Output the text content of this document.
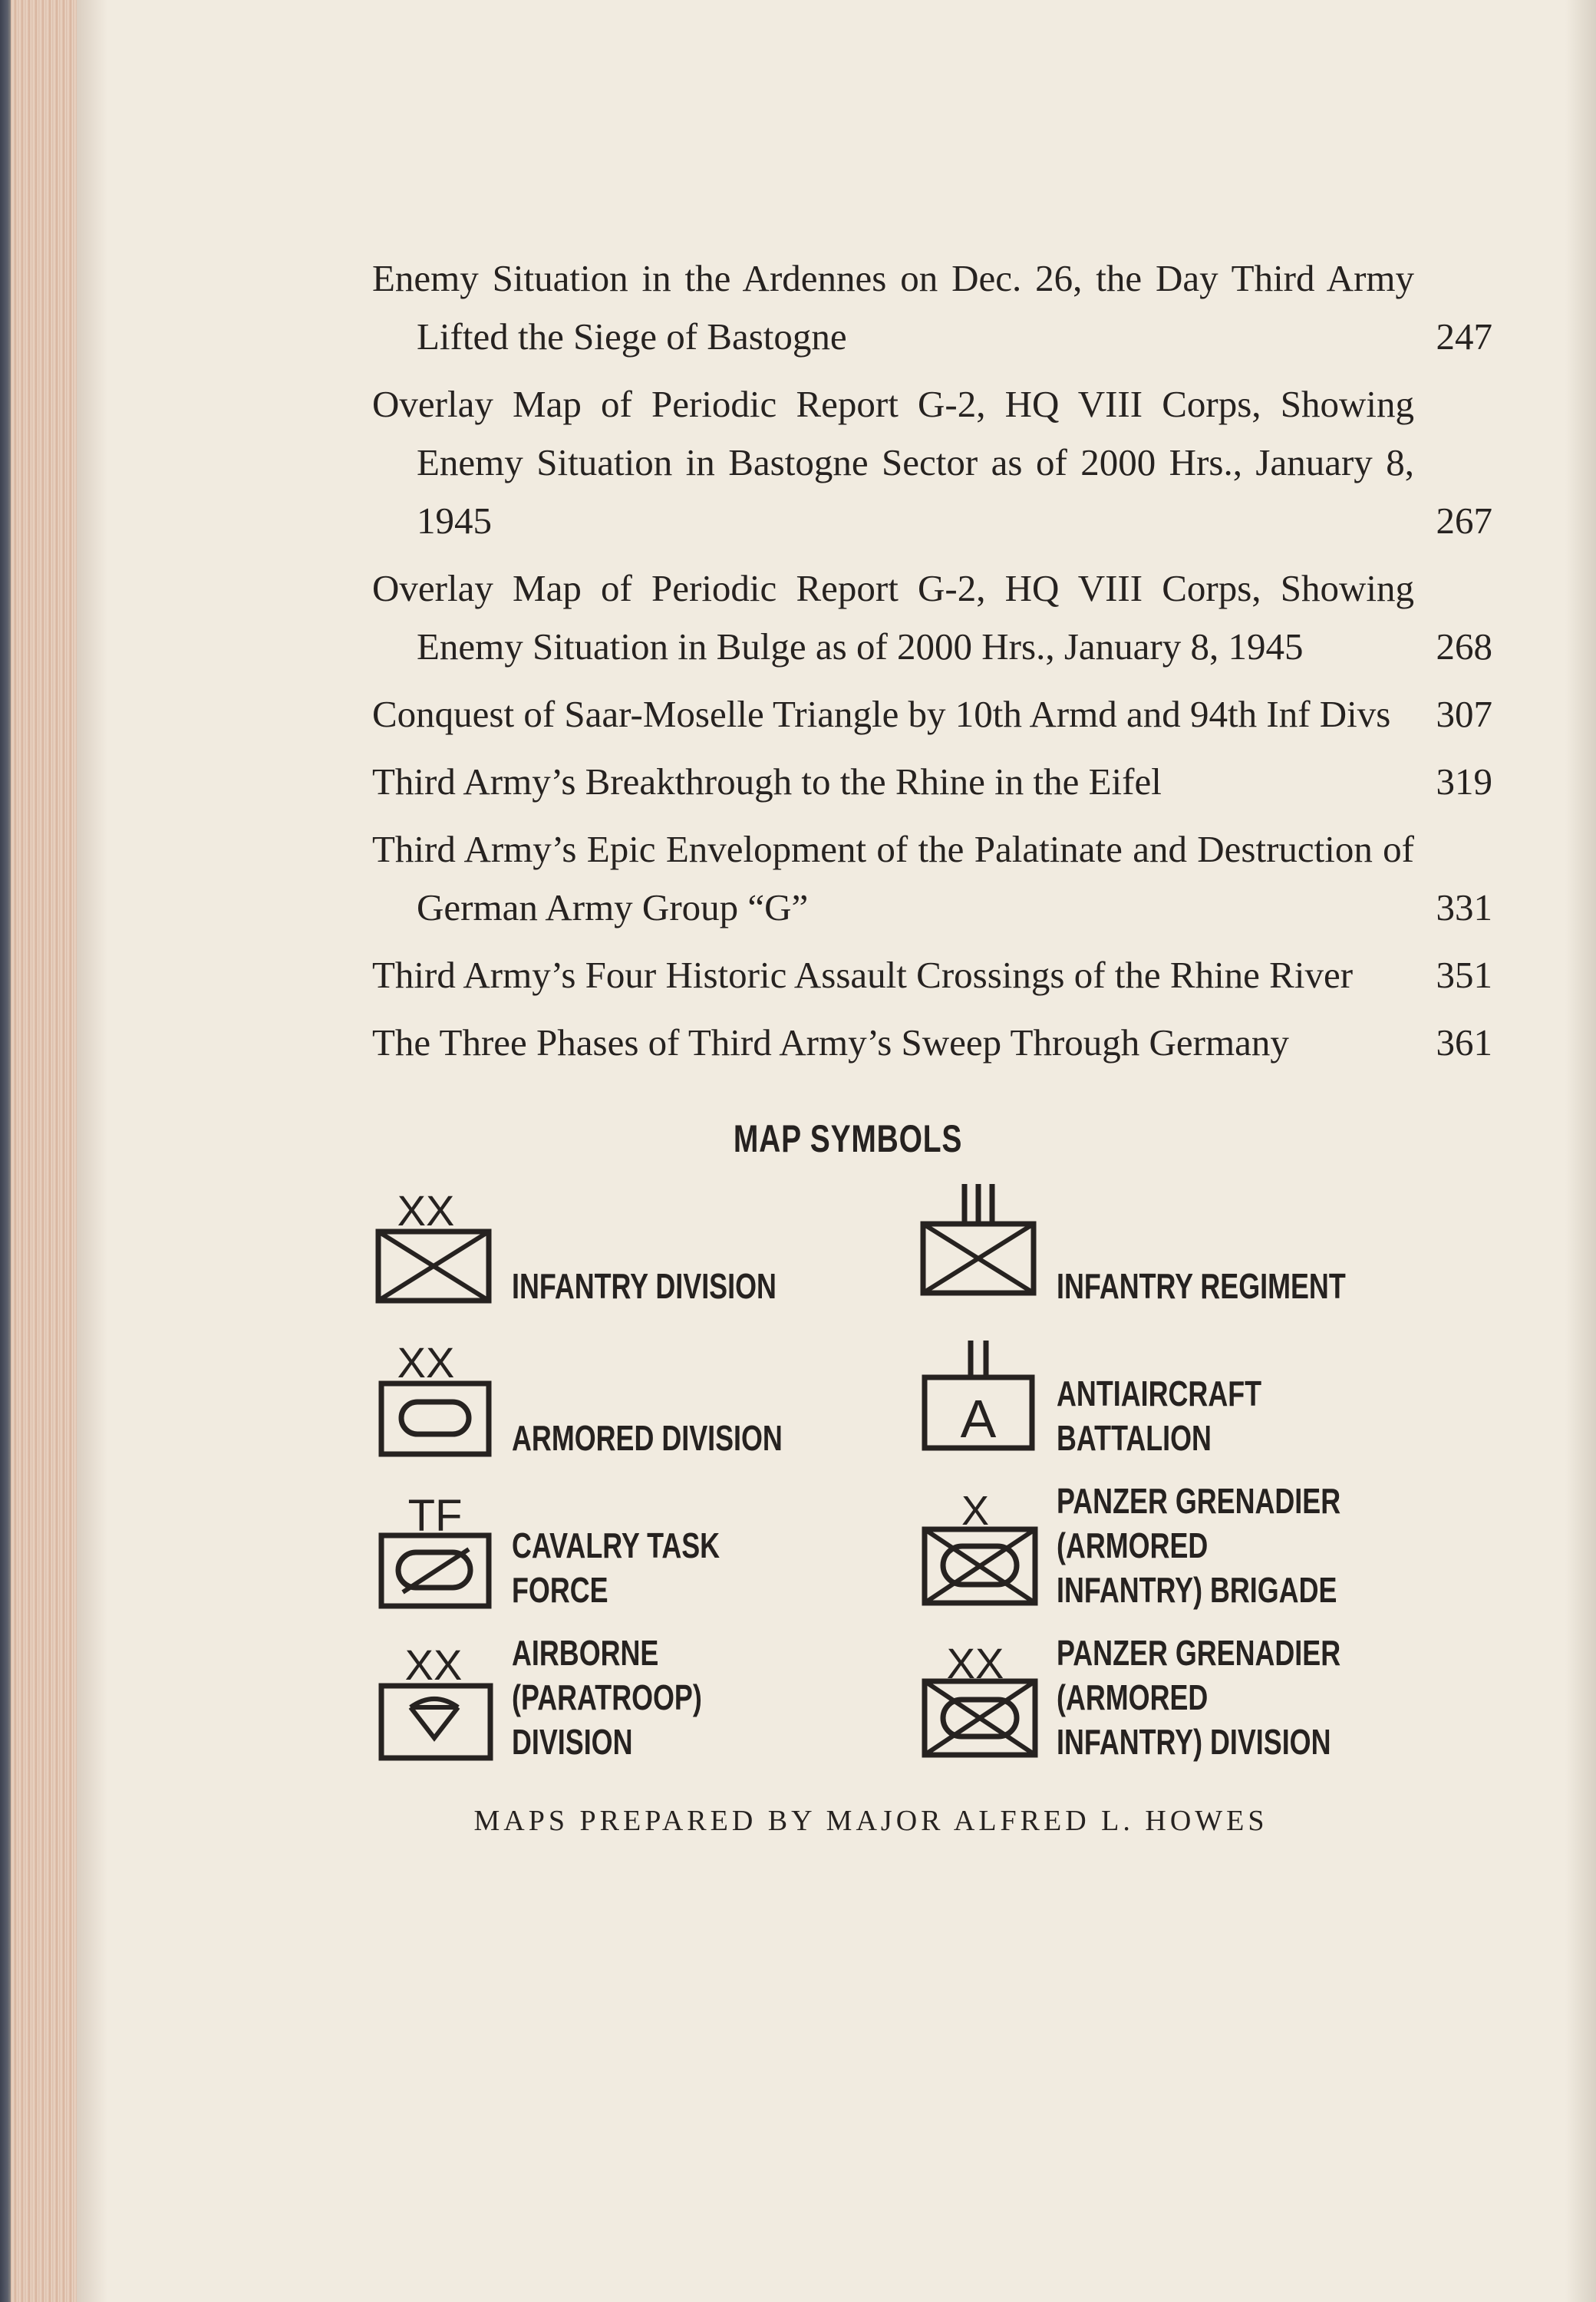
Enemy Situation in the Ardennes on Dec. 26, the Day Third Army Lifted the Siege of Bastogne	247
Overlay Map of Periodic Report G-2, HQ VIII Corps, Showing Enemy Situation in Bastogne Sector as of 2000 Hrs., January 8, 1945	267
Overlay Map of Periodic Report G-2, HQ VIII Corps, Showing Enemy Situation in Bulge as of 2000 Hrs., January 8, 1945	268
Conquest of Saar-Moselle Triangle by 10th Armd and 94th Inf Divs	307
Third Army’s Breakthrough to the Rhine in the Eifel	319
Third Army’s Epic Envelopment of the Palatinate and Destruction of German Army Group “G”	331
Third Army’s Four Historic Assault Crossings of the Rhine River	351
The Three Phases of Third Army’s Sweep Through Germany	361
MAP SYMBOLS
XX
INFANTRY DIVISION	INFANTRY REGIMENT
XX
ARMORED DIVISION	A ANTIAIRCRAFT BATTALION
TF
CAVALRY TASK FORCE
X PANZER GRENADIER (ARMORED
INFANTRY) BRIGADE
XX AIRBORNE (PARATROOP)
DIVISION
XX PANZER GRENADIER (ARMORED
INFANTRY) DIVISION
MAPS PREPARED BY MAJOR ALFRED L. HOWES
